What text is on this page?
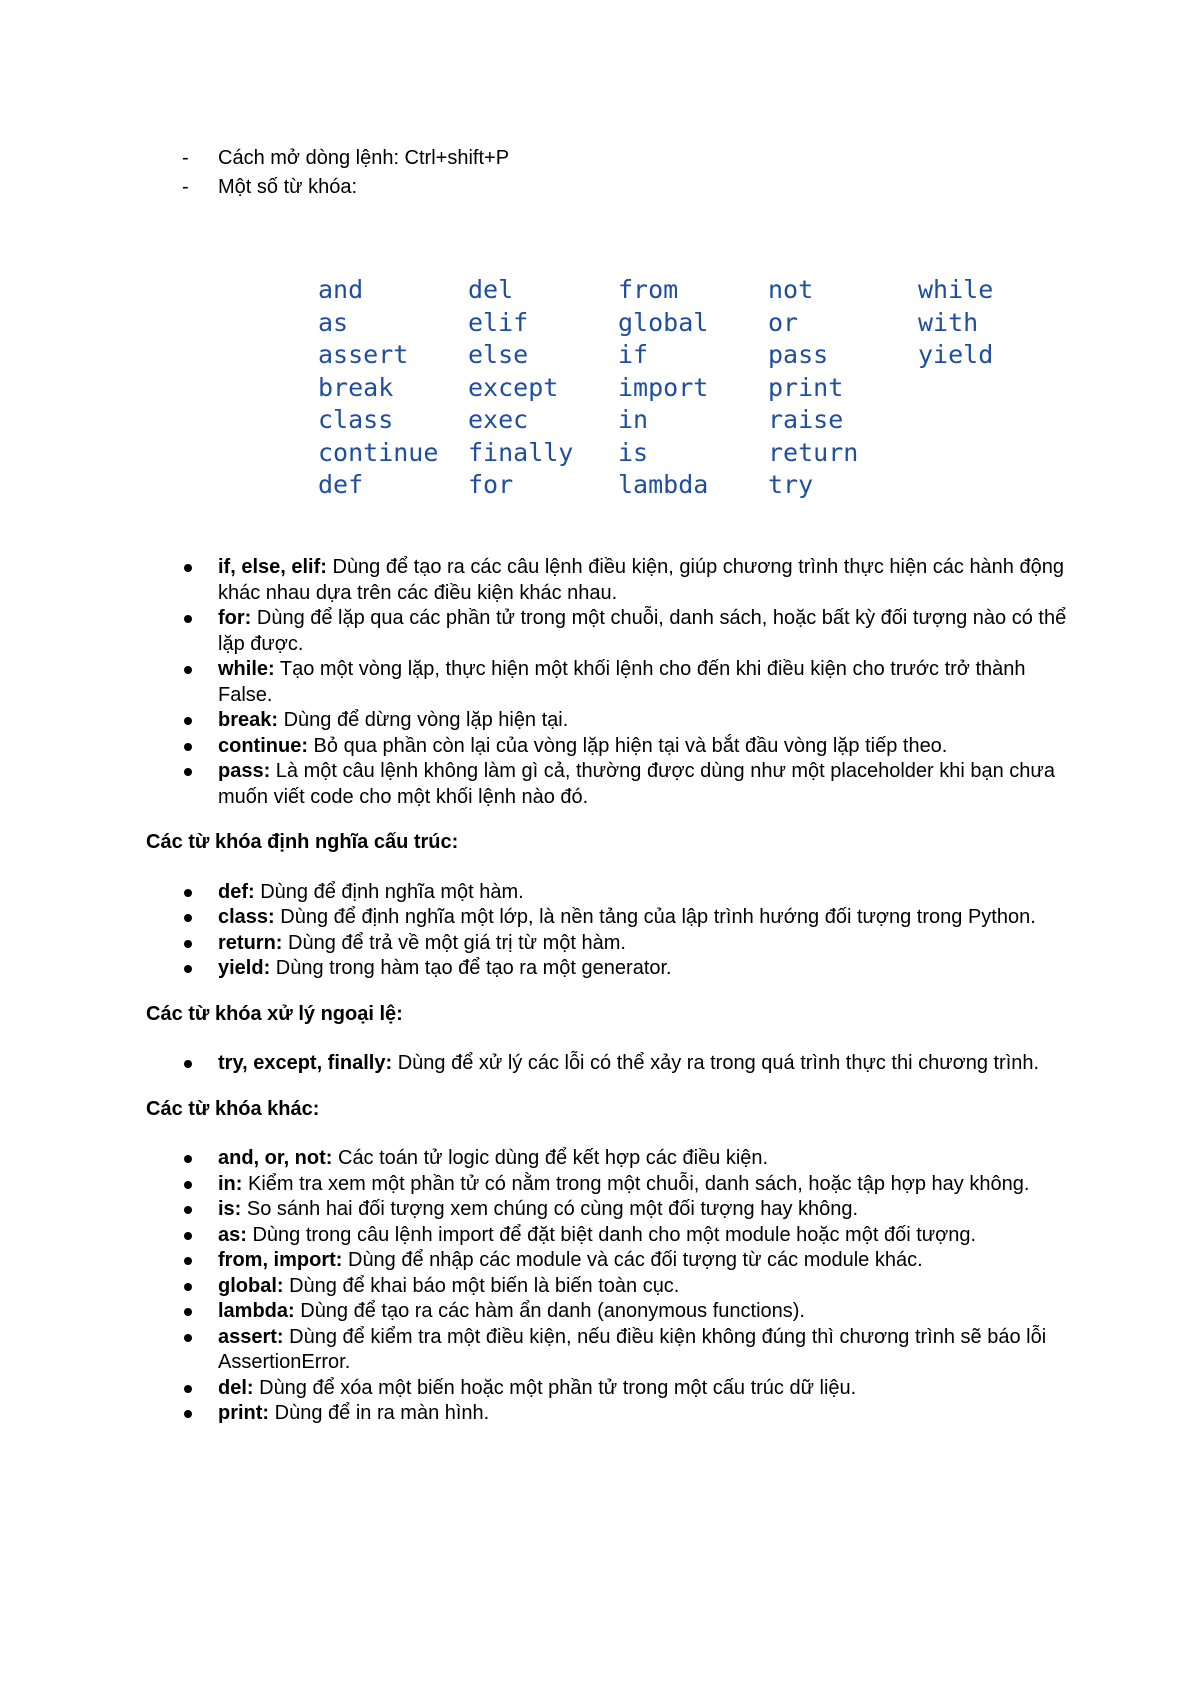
- Cách mở dòng lệnh: Ctrl+shift+P
- Một số từ khóa:
and
as
assert
break
class
continue
def
del
elif
else
except
exec
finally
for
from
global
if
import
in
is
lambda
not
or
pass
print
raise
return
try
while
with
yield
if, else, elif: Dùng để tạo ra các câu lệnh điều kiện, giúp chương trình thực hiện các hành động khác nhau dựa trên các điều kiện khác nhau.
for: Dùng để lặp qua các phần tử trong một chuỗi, danh sách, hoặc bất kỳ đối tượng nào có thể lặp được.
while: Tạo một vòng lặp, thực hiện một khối lệnh cho đến khi điều kiện cho trước trở thành False.
break: Dùng để dừng vòng lặp hiện tại.
continue: Bỏ qua phần còn lại của vòng lặp hiện tại và bắt đầu vòng lặp tiếp theo.
pass: Là một câu lệnh không làm gì cả, thường được dùng như một placeholder khi bạn chưa muốn viết code cho một khối lệnh nào đó.
Các từ khóa định nghĩa cấu trúc:
def: Dùng để định nghĩa một hàm.
class: Dùng để định nghĩa một lớp, là nền tảng của lập trình hướng đối tượng trong Python.
return: Dùng để trả về một giá trị từ một hàm.
yield: Dùng trong hàm tạo để tạo ra một generator.
Các từ khóa xử lý ngoại lệ:
try, except, finally: Dùng để xử lý các lỗi có thể xảy ra trong quá trình thực thi chương trình.
Các từ khóa khác:
and, or, not: Các toán tử logic dùng để kết hợp các điều kiện.
in: Kiểm tra xem một phần tử có nằm trong một chuỗi, danh sách, hoặc tập hợp hay không.
is: So sánh hai đối tượng xem chúng có cùng một đối tượng hay không.
as: Dùng trong câu lệnh import để đặt biệt danh cho một module hoặc một đối tượng.
from, import: Dùng để nhập các module và các đối tượng từ các module khác.
global: Dùng để khai báo một biến là biến toàn cục.
lambda: Dùng để tạo ra các hàm ẩn danh (anonymous functions).
assert: Dùng để kiểm tra một điều kiện, nếu điều kiện không đúng thì chương trình sẽ báo lỗi AssertionError.
del: Dùng để xóa một biến hoặc một phần tử trong một cấu trúc dữ liệu.
print: Dùng để in ra màn hình.
